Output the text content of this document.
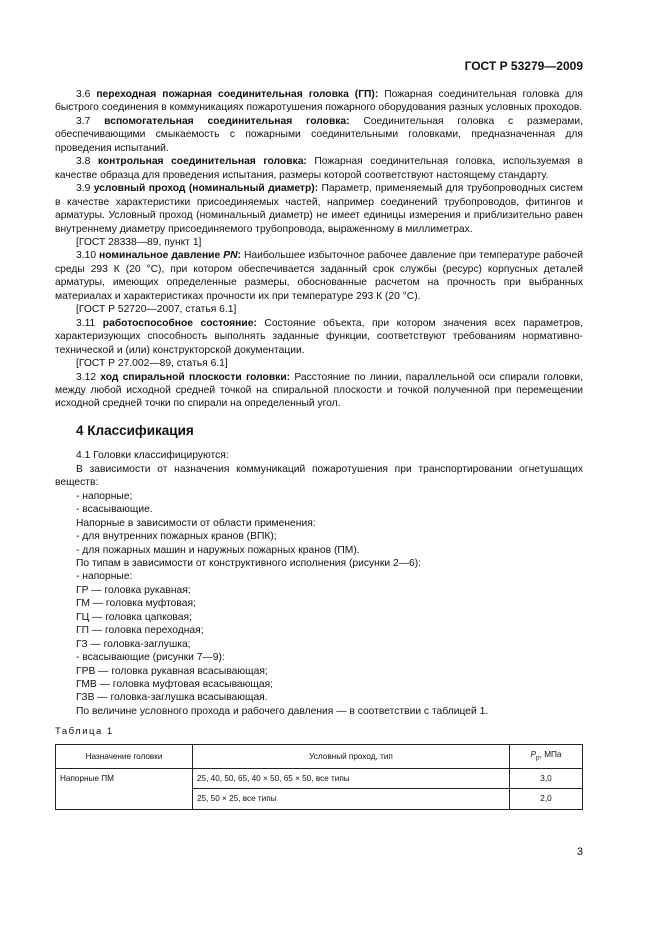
ГОСТ Р 53279—2009
3.6 переходная пожарная соединительная головка (ГП): Пожарная соединительная головка для быстрого соединения в коммуникациях пожаротушения пожарного оборудования разных условных проходов.
3.7 вспомогательная соединительная головка: Соединительная головка с размерами, обеспечивающими смыкаемость с пожарными соединительными головками, предназначенная для проведения испытаний.
3.8 контрольная соединительная головка: Пожарная соединительная головка, используемая в качестве образца для проведения испытания, размеры которой соответствуют настоящему стандарту.
3.9 условный проход (номинальный диаметр): Параметр, применяемый для трубопроводных систем в качестве характеристики присоединяемых частей, например соединений трубопроводов, фитингов и арматуры. Условный проход (номинальный диаметр) не имеет единицы измерения и приблизительно равен внутреннему диаметру присоединяемого трубопровода, выраженному в миллиметрах.
[ГОСТ 28338—89, пункт 1]
3.10 номинальное давление PN: Наибольшее избыточное рабочее давление при температуре рабочей среды 293 К (20 °С), при котором обеспечивается заданный срок службы (ресурс) корпусных деталей арматуры, имеющих определенные размеры, обоснованные расчетом на прочность при выбранных материалах и характеристиках прочности их при температуре 293 К (20 °С).
[ГОСТ Р 52720—2007, статья 6.1]
3.11 работоспособное состояние: Состояние объекта, при котором значения всех параметров, характеризующих способность выполнять заданные функции, соответствуют требованиям нормативно-технической и (или) конструкторской документации.
[ГОСТ Р 27.002—89, статья 6.1]
3.12 ход спиральной плоскости головки: Расстояние по линии, параллельной оси спирали головки, между любой исходной средней точкой на спиральной плоскости и точкой полученной при перемещении исходной средней точки по спирали на определенный угол.
4 Классификация
4.1 Головки классифицируются:
В зависимости от назначения коммуникаций пожаротушения при транспортировании огнетушащих веществ:
- напорные;
- всасывающие.
Напорные в зависимости от области применения:
- для внутренних пожарных кранов (ВПК);
- для пожарных машин и наружных пожарных кранов (ПМ).
По типам в зависимости от конструктивного исполнения (рисунки 2—6):
- напорные:
ГР — головка рукавная;
ГМ — головка муфтовая;
ГЦ — головка цапковая;
ГП — головка переходная;
ГЗ — головка-заглушка;
- всасывающие (рисунки 7—9):
ГРВ — головка рукавная всасывающая;
ГМВ — головка муфтовая всасывающая;
ГЗВ — головка-заглушка всасывающая.
По величине условного прохода и рабочего давления — в соответствии с таблицей 1.
Таблица 1
Назначение головки	Условный проход, тип	$P_р$, МПа
Напорные ПМ	25, 40, 50, 65, 40 × 50, 65 × 50, все типы	3,0
	25, 50 × 25, все типы	2,0
3
